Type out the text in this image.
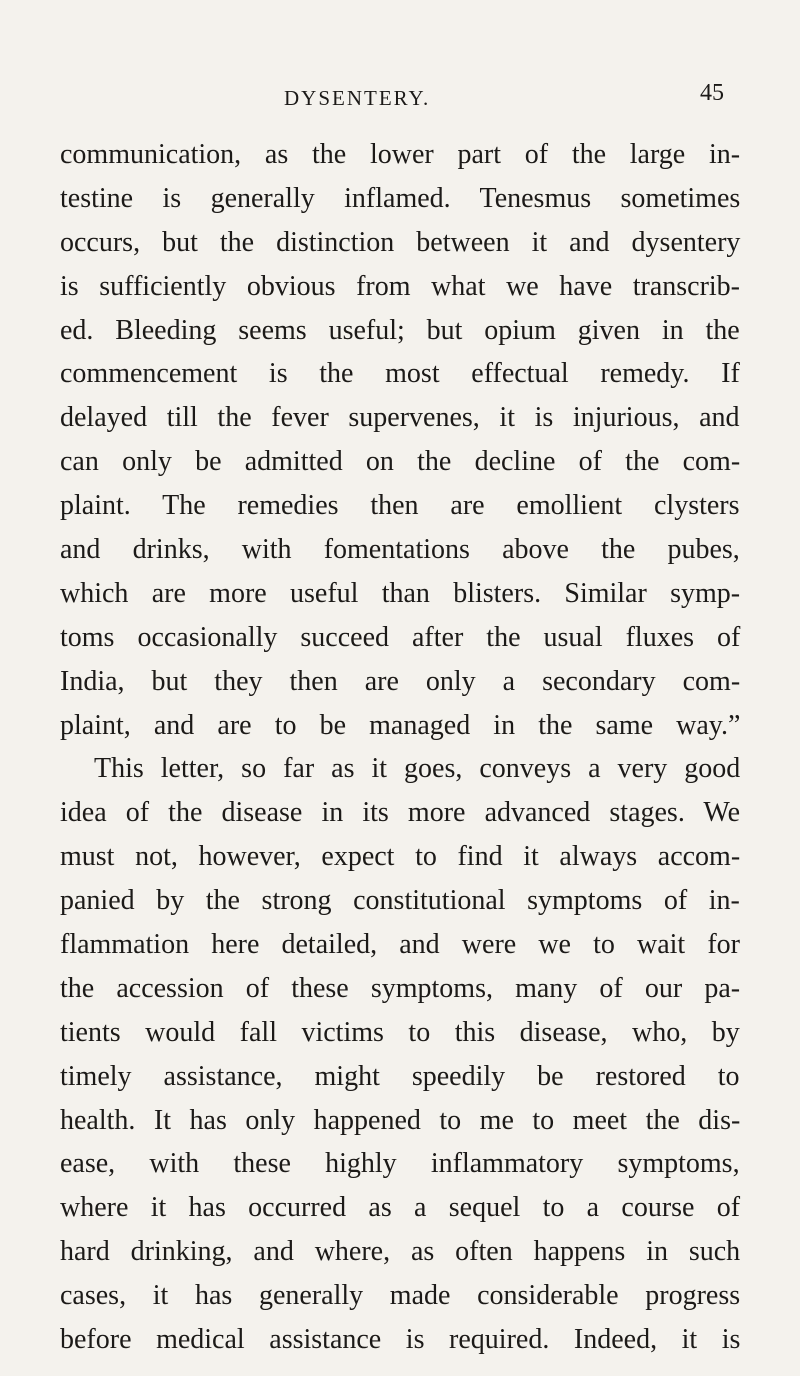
DYSENTERY.	45
communication, as the lower part of the large in-
testine is generally inflamed. Tenesmus sometimes
occurs, but the distinction between it and dysentery
is sufficiently obvious from what we have transcrib-
ed. Bleeding seems useful; but opium given in the
commencement is the most effectual remedy. If
delayed till the fever supervenes, it is injurious, and
can only be admitted on the decline of the com-
plaint. The remedies then are emollient clysters
and drinks, with fomentations above the pubes,
which are more useful than blisters. Similar symp-
toms occasionally succeed after the usual fluxes of
India, but they then are only a secondary com-
plaint, and are to be managed in the same way.”
This letter, so far as it goes, conveys a very good
idea of the disease in its more advanced stages. We
must not, however, expect to find it always accom-
panied by the strong constitutional symptoms of in-
flammation here detailed, and were we to wait for
the accession of these symptoms, many of our pa-
tients would fall victims to this disease, who, by
timely assistance, might speedily be restored to
health. It has only happened to me to meet the dis-
ease, with these highly inflammatory symptoms,
where it has occurred as a sequel to a course of
hard drinking, and where, as often happens in such
cases, it has generally made considerable progress
before medical assistance is required. Indeed, it is
